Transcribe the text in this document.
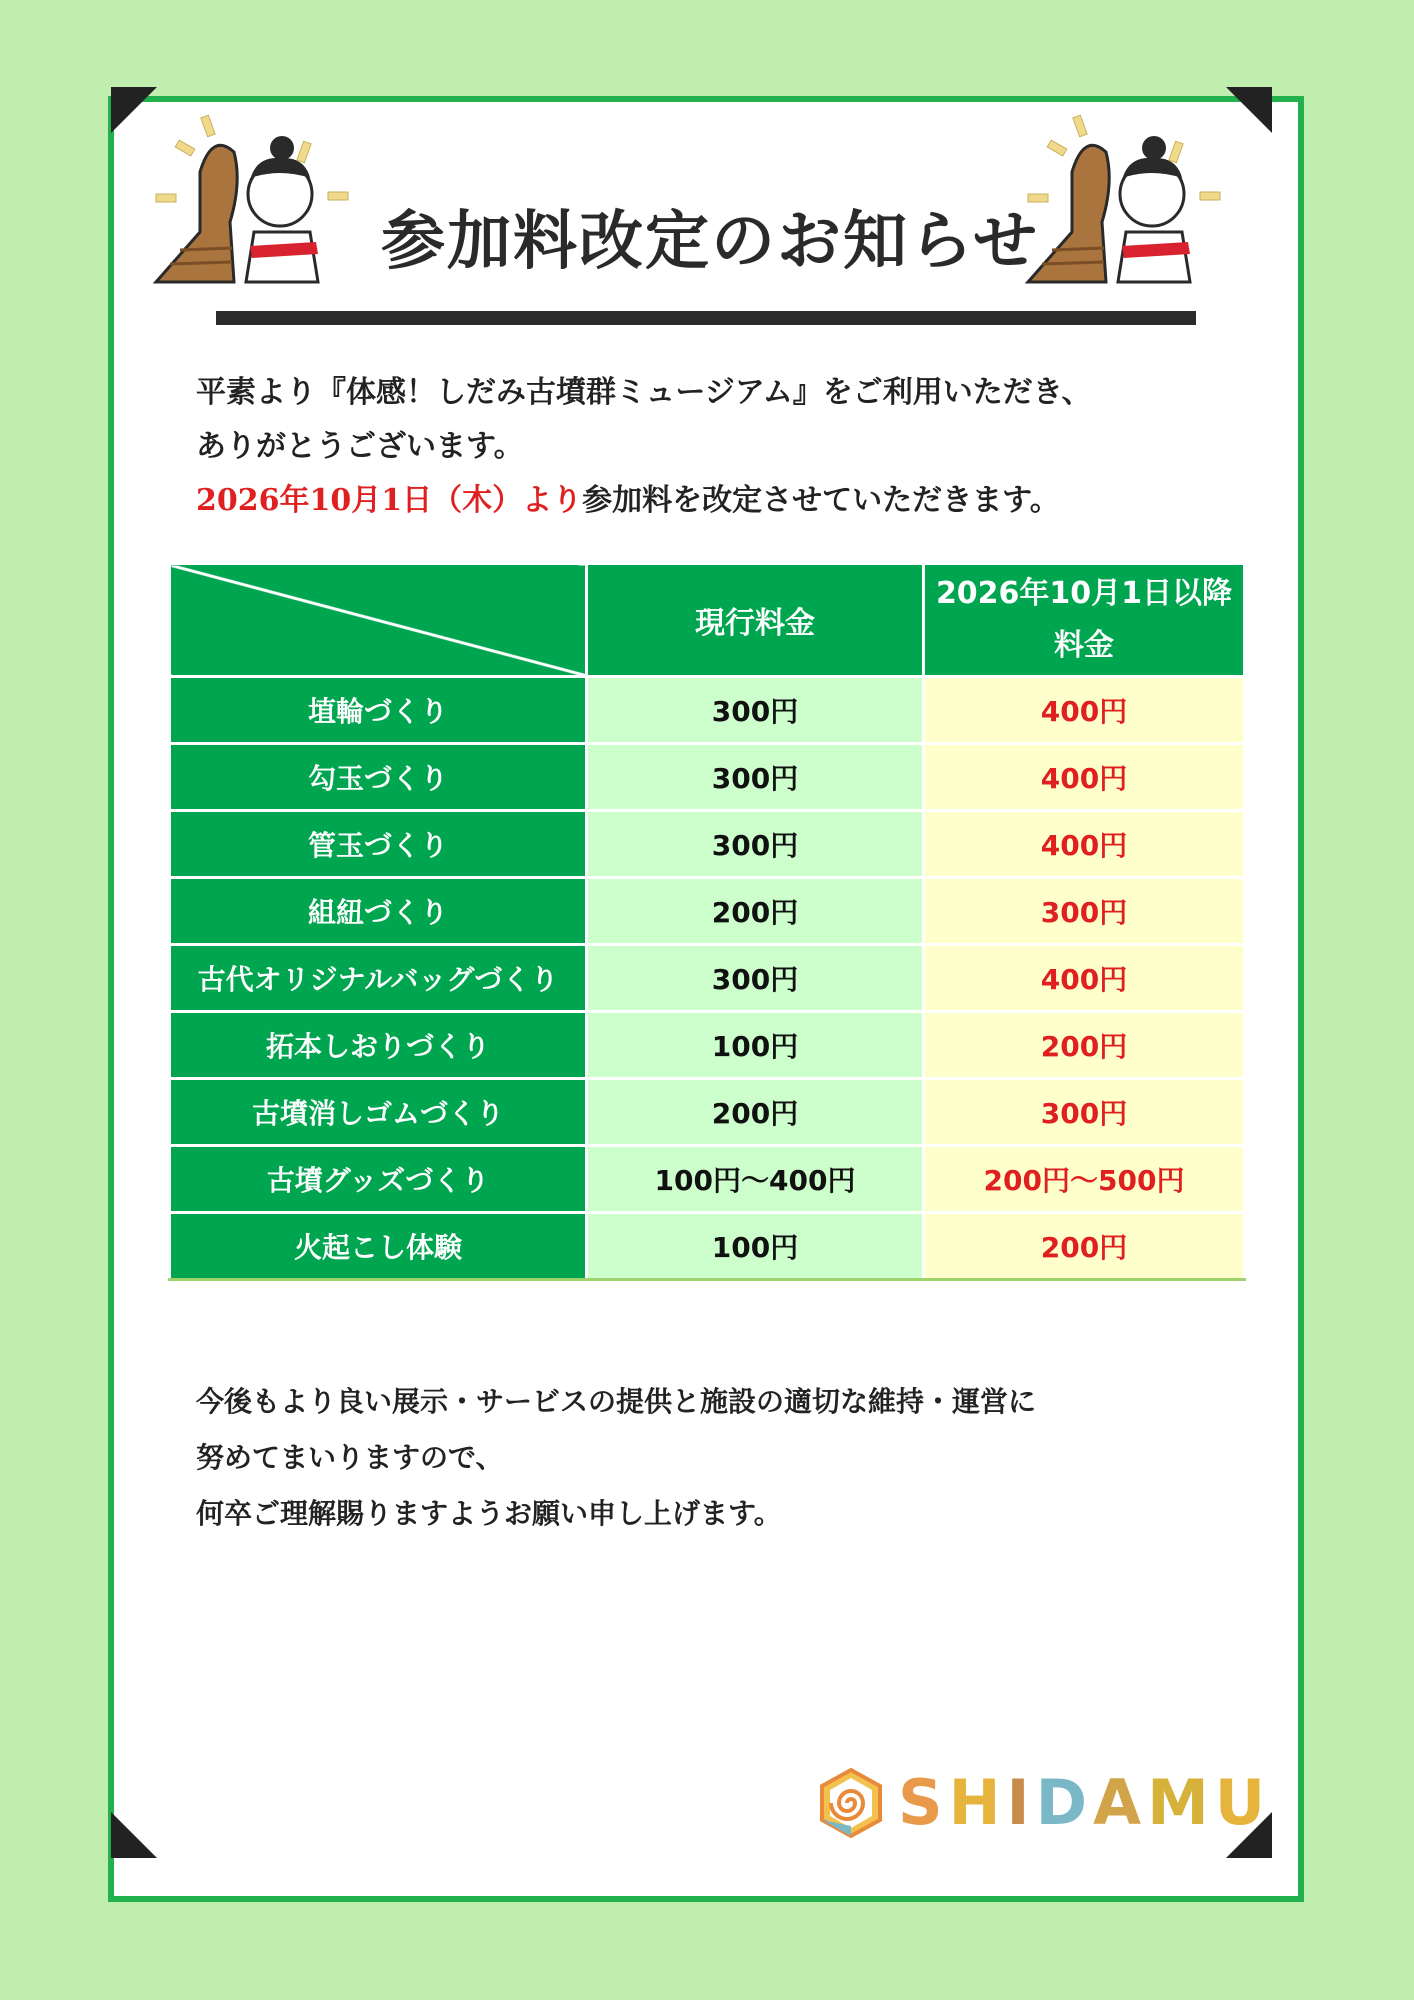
参加料改定のお知らせ
平素より『体感！しだみ古墳群ミュージアム』をご利用いただき、
ありがとうございます。
2026年10月1日（木）より参加料を改定させていただきます。
	現行料金	2026年10月1日以降
料金
埴輪づくり	300円	400円
勾玉づくり	300円	400円
管玉づくり	300円	400円
組紐づくり	200円	300円
古代オリジナルバッグづくり	300円	400円
拓本しおりづくり	100円	200円
古墳消しゴムづくり	200円	300円
古墳グッズづくり	100円～400円	200円～500円
火起こし体験	100円	200円
今後もより良い展示・サービスの提供と施設の適切な維持・運営に
努めてまいりますので、
何卒ご理解賜りますようお願い申し上げます。
SHIDAMU
